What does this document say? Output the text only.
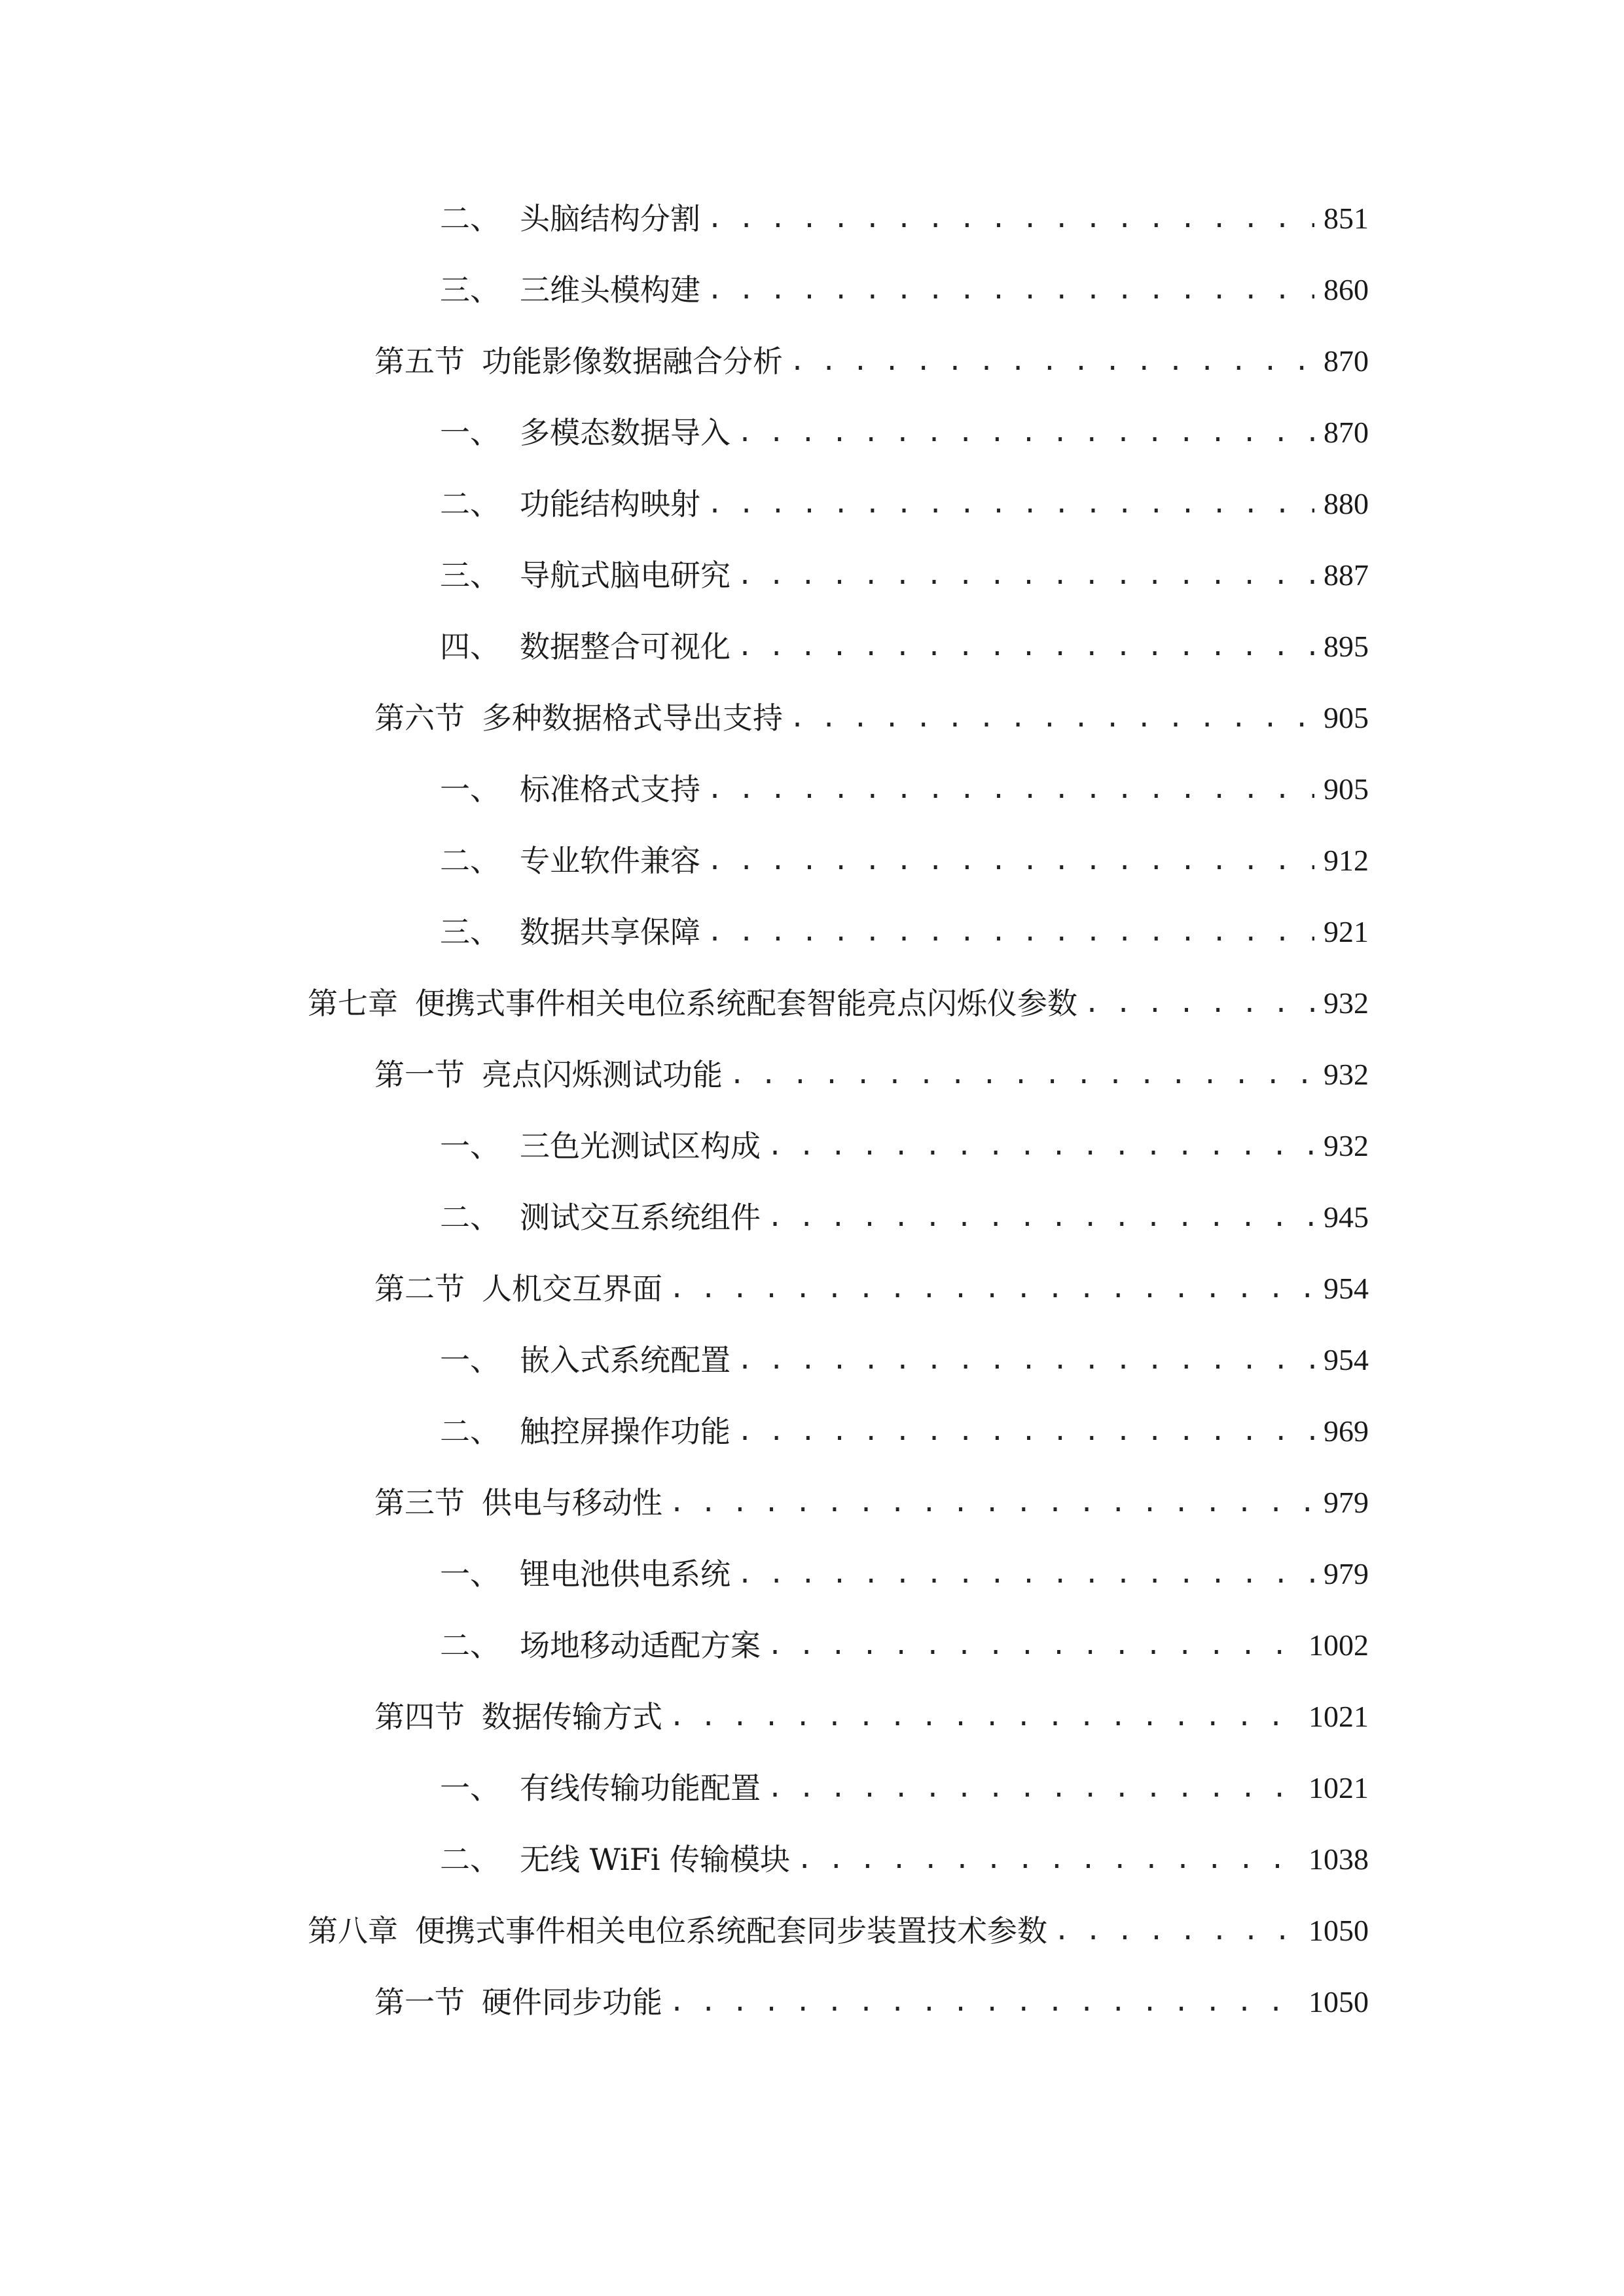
二、 头脑结构分割 . . .	851
三、 三维头模构建 . . .	860
第五节 功能影像数据融合分析 . . .	870
一、 多模态数据导入 . . .	870
二、 功能结构映射 . . .	880
三、 导航式脑电研究 . . .	887
四、 数据整合可视化 . . .	895
第六节 多种数据格式导出支持 . . .	905
一、 标准格式支持 . . .	905
二、 专业软件兼容 . . .	912
三、 数据共享保障 . . .	921
第七章 便携式事件相关电位系统配套智能亮点闪烁仪参数 . . .	932
第一节 亮点闪烁测试功能 . . .	932
一、 三色光测试区构成 . . .	932
二、 测试交互系统组件 . . .	945
第二节 人机交互界面 . . .	954
一、 嵌入式系统配置 . . .	954
二、 触控屏操作功能 . . .	969
第三节 供电与移动性 . . .	979
一、 锂电池供电系统 . . .	979
二、 场地移动适配方案 . . .	1002
第四节 数据传输方式 . . .	1021
一、 有线传输功能配置 . . .	1021
二、 无线 WiFi 传输模块 . . .	1038
第八章 便携式事件相关电位系统配套同步装置技术参数 . . .	1050
第一节 硬件同步功能 . . .	1050
